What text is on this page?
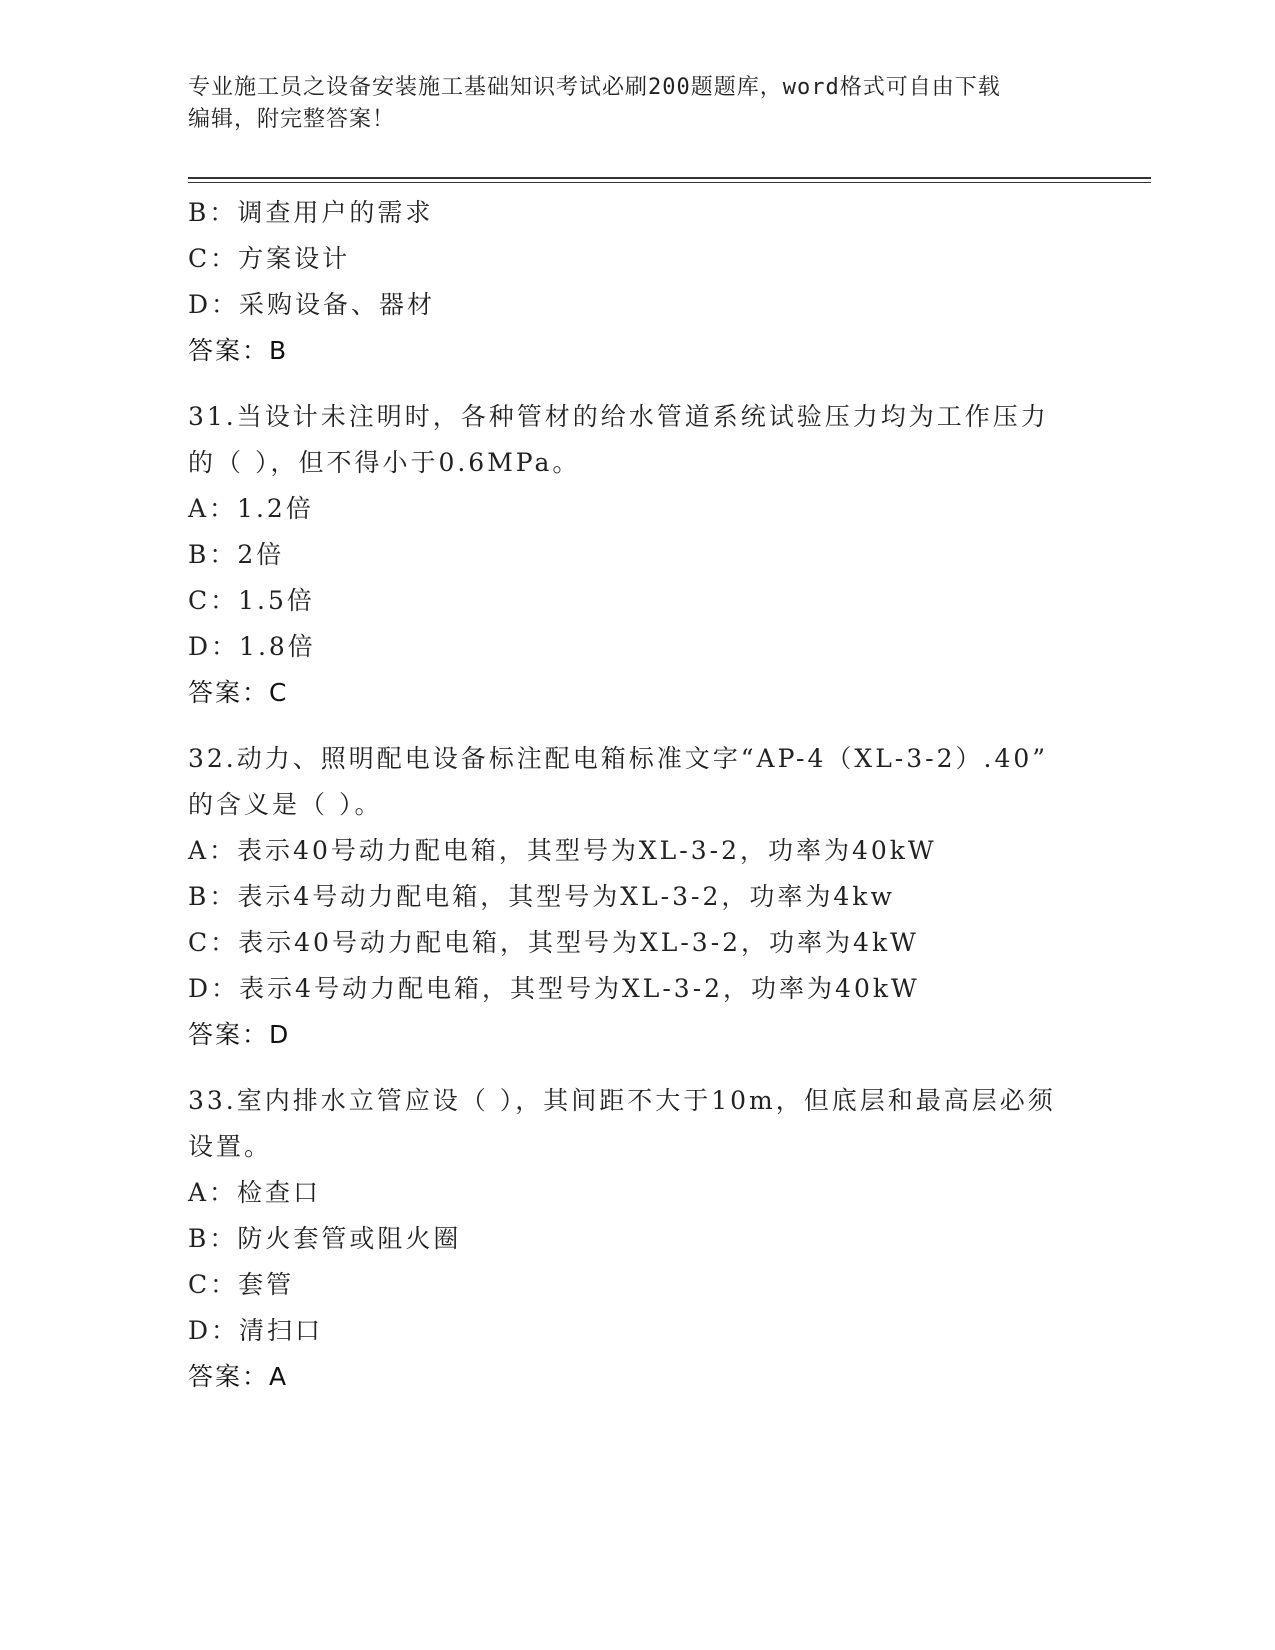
专业施工员之设备安装施工基础知识考试必刷200题题库，word格式可自由下载
编辑，附完整答案！
B：调查用户的需求
C：方案设计
D：采购设备、器材
答案：B
31.当设计未注明时，各种管材的给水管道系统试验压力均为工作压力
的（ ），但不得小于0.6MPa。
A：1.2倍
B：2倍
C：1.5倍
D：1.8倍
答案：C
32.动力、照明配电设备标注配电箱标准文字“AP-4（XL-3-2）.40”
的含义是（ ）。
A：表示40号动力配电箱，其型号为XL-3-2，功率为40kW
B：表示4号动力配电箱，其型号为XL-3-2，功率为4kw
C：表示40号动力配电箱，其型号为XL-3-2，功率为4kW
D：表示4号动力配电箱，其型号为XL-3-2，功率为40kW
答案：D
33.室内排水立管应设（ ），其间距不大于10m，但底层和最高层必须
设置。
A：检查口
B：防火套管或阻火圈
C：套管
D：清扫口
答案：A
